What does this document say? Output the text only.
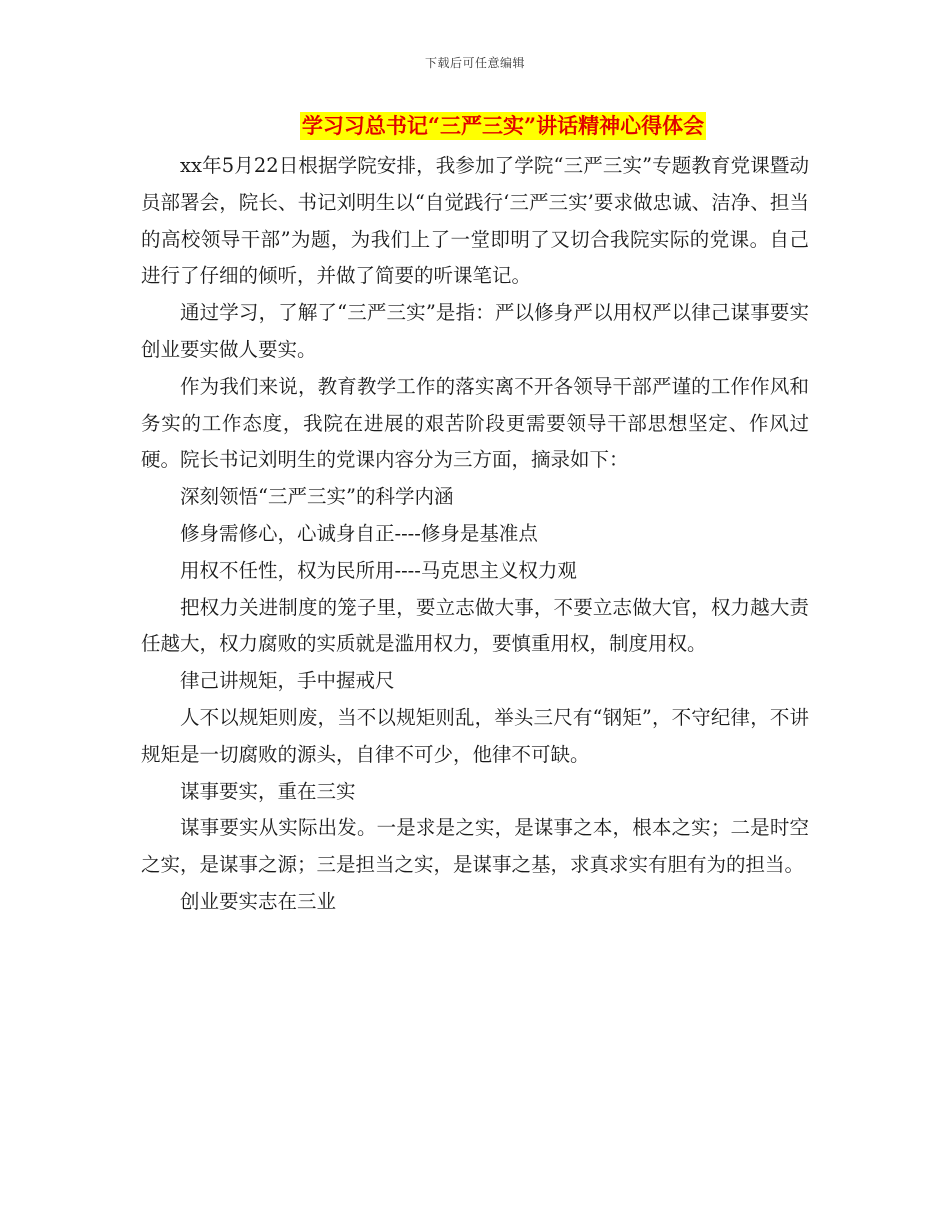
下载后可任意编辑
学习习总书记“三严三实”讲话精神心得体会

xx年5月22日根据学院安排，我参加了学院“三严三实”专题教育党课暨动员部署会，院长、书记刘明生以“自觉践行‘三严三实’要求做忠诚、洁净、担当的高校领导干部”为题，为我们上了一堂即明了又切合我院实际的党课。自己进行了仔细的倾听，并做了简要的听课笔记。

通过学习，了解了“三严三实”是指：严以修身严以用权严以律己谋事要实创业要实做人要实。

作为我们来说，教育教学工作的落实离不开各领导干部严谨的工作作风和务实的工作态度，我院在进展的艰苦阶段更需要领导干部思想坚定、作风过硬。院长书记刘明生的党课内容分为三方面，摘录如下：

深刻领悟“三严三实”的科学内涵

修身需修心，心诚身自正----修身是基准点

用权不任性，权为民所用----马克思主义权力观

把权力关进制度的笼子里，要立志做大事，不要立志做大官，权力越大责任越大，权力腐败的实质就是滥用权力，要慎重用权，制度用权。

律己讲规矩，手中握戒尺

人不以规矩则废，当不以规矩则乱，举头三尺有“钢矩”，不守纪律，不讲规矩是一切腐败的源头，自律不可少，他律不可缺。

谋事要实，重在三实

谋事要实从实际出发。一是求是之实，是谋事之本，根本之实；二是时空之实，是谋事之源；三是担当之实，是谋事之基，求真求实有胆有为的担当。

创业要实志在三业
